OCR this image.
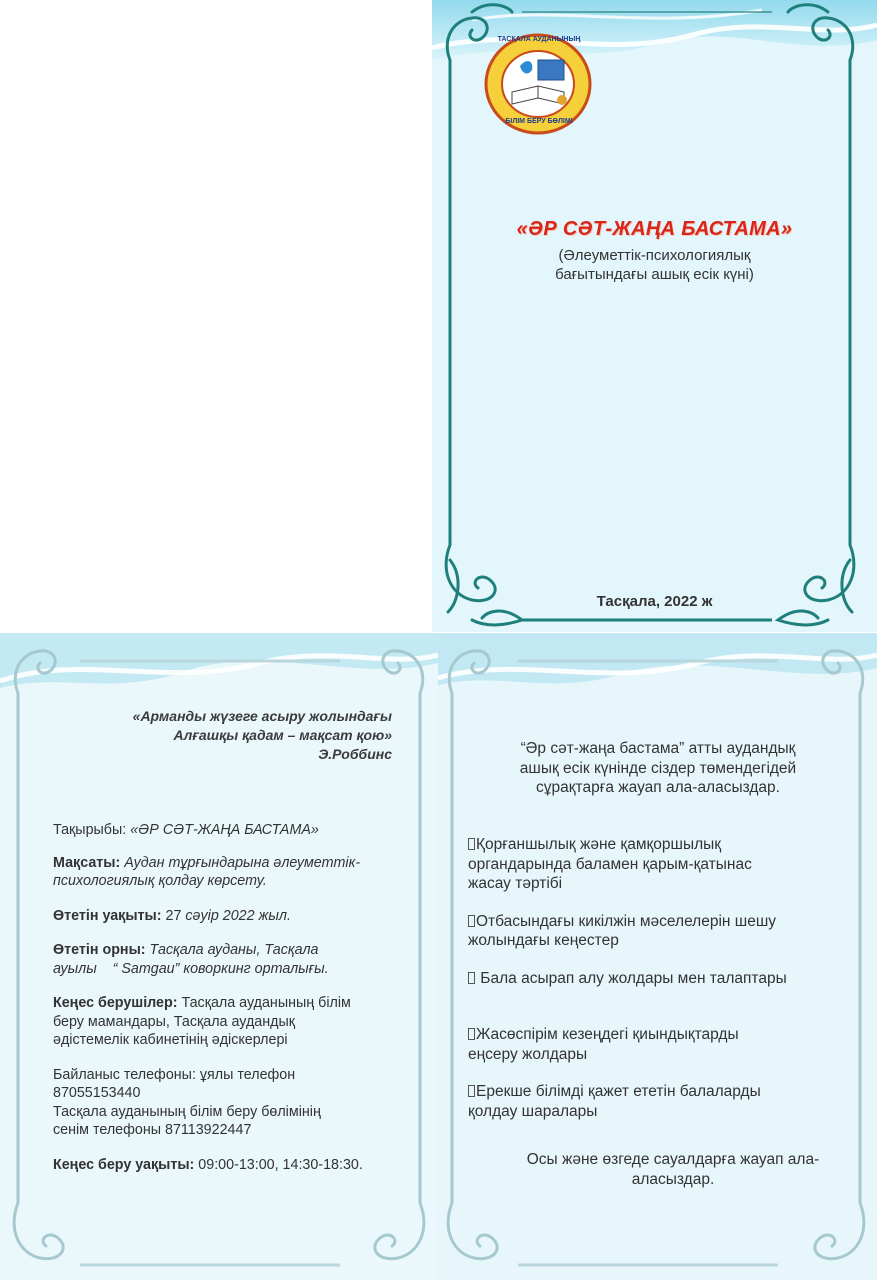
ТАСҚАЛА АУДАНЫНЫҢ
БІЛІМ БЕРУ БӨЛІМІ
«ӘР СӘТ-ЖАҢА БАСТАМА»
(Әлеуметтік-психологиялық
бағытындағы ашық есік күні)
Тасқала, 2022 ж
«Арманды жүзеге асыру жолындағы
Алғашқы қадам – мақсат қою»
Э.Роббинс
Тақырыбы: «ӘР СӘТ-ЖАҢА БАСТАМА»
Мақсаты: Аудан тұрғындарына әлеуметтік-
психологиялық қолдау көрсету.
Өтетін уақыты: 27 сәуір 2022 жыл.
Өтетін орны: Тасқала ауданы, Тасқала
ауылы    “ Samgau” коворкинг орталығы.
Кеңес берушілер: Тасқала ауданының білім
беру мамандары, Тасқала аудандық
әдістемелік кабинетінің әдіскерлері
Байланыс телефоны: ұялы телефон
87055153440
Тасқала ауданының білім беру бөлімінің
сенім телефоны 87113922447
Кеңес беру уақыты: 09:00-13:00, 14:30-18:30.
“Әр сәт-жаңа бастама” атты аудандық
ашық есік күнінде сіздер төмендегідей
сұрақтарға жауап ала-аласыздар.
Қорғаншылық және қамқоршылық
органдарында баламен қарым-қатынас
жасау тәртібі
Отбасындағы кикілжін мәселелерін шешу
жолындағы кеңестер
Бала асырап алу жолдары мен талаптары
Жасөспірім кезеңдегі қиындықтарды
еңсеру жолдары
Ерекше білімді қажет ететін балаларды
қолдау шаралары
Осы және өзгеде сауалдарға жауап ала-
аласыздар.
